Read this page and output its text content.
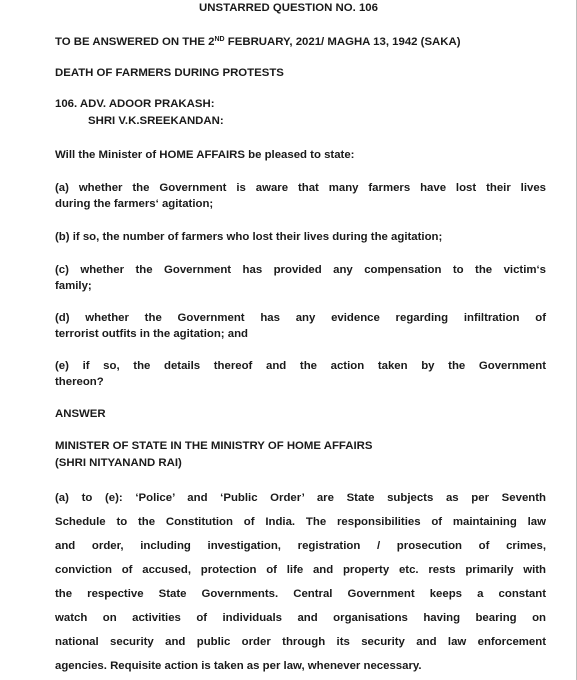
UNSTARRED QUESTION NO. 106
TO BE ANSWERED ON THE 2ND FEBRUARY, 2021/ MAGHA 13, 1942 (SAKA)
DEATH OF FARMERS DURING PROTESTS
106. ADV. ADOOR PRAKASH:
SHRI V.K.SREEKANDAN:
Will the Minister of HOME AFFAIRS be pleased to state:
(a) whether the Government is aware that many farmers have lost their lives
during the farmers‘ agitation;
(b) if so, the number of farmers who lost their lives during the agitation;
(c) whether the Government has provided any compensation to the victim‘s
family;
(d) whether the Government has any evidence regarding infiltration of
terrorist outfits in the agitation; and
(e) if so, the details thereof and the action taken by the Government
thereon?
ANSWER
MINISTER OF STATE IN THE MINISTRY OF HOME AFFAIRS
(SHRI NITYANAND RAI)
(a) to (e): ‘Police’ and ‘Public Order’ are State subjects as per Seventh
Schedule to the Constitution of India. The responsibilities of maintaining law
and order, including investigation, registration / prosecution of crimes,
conviction of accused, protection of life and property etc. rests primarily with
the respective State Governments. Central Government keeps a constant
watch on activities of individuals and organisations having bearing on
national security and public order through its security and law enforcement
agencies. Requisite action is taken as per law, whenever necessary.
